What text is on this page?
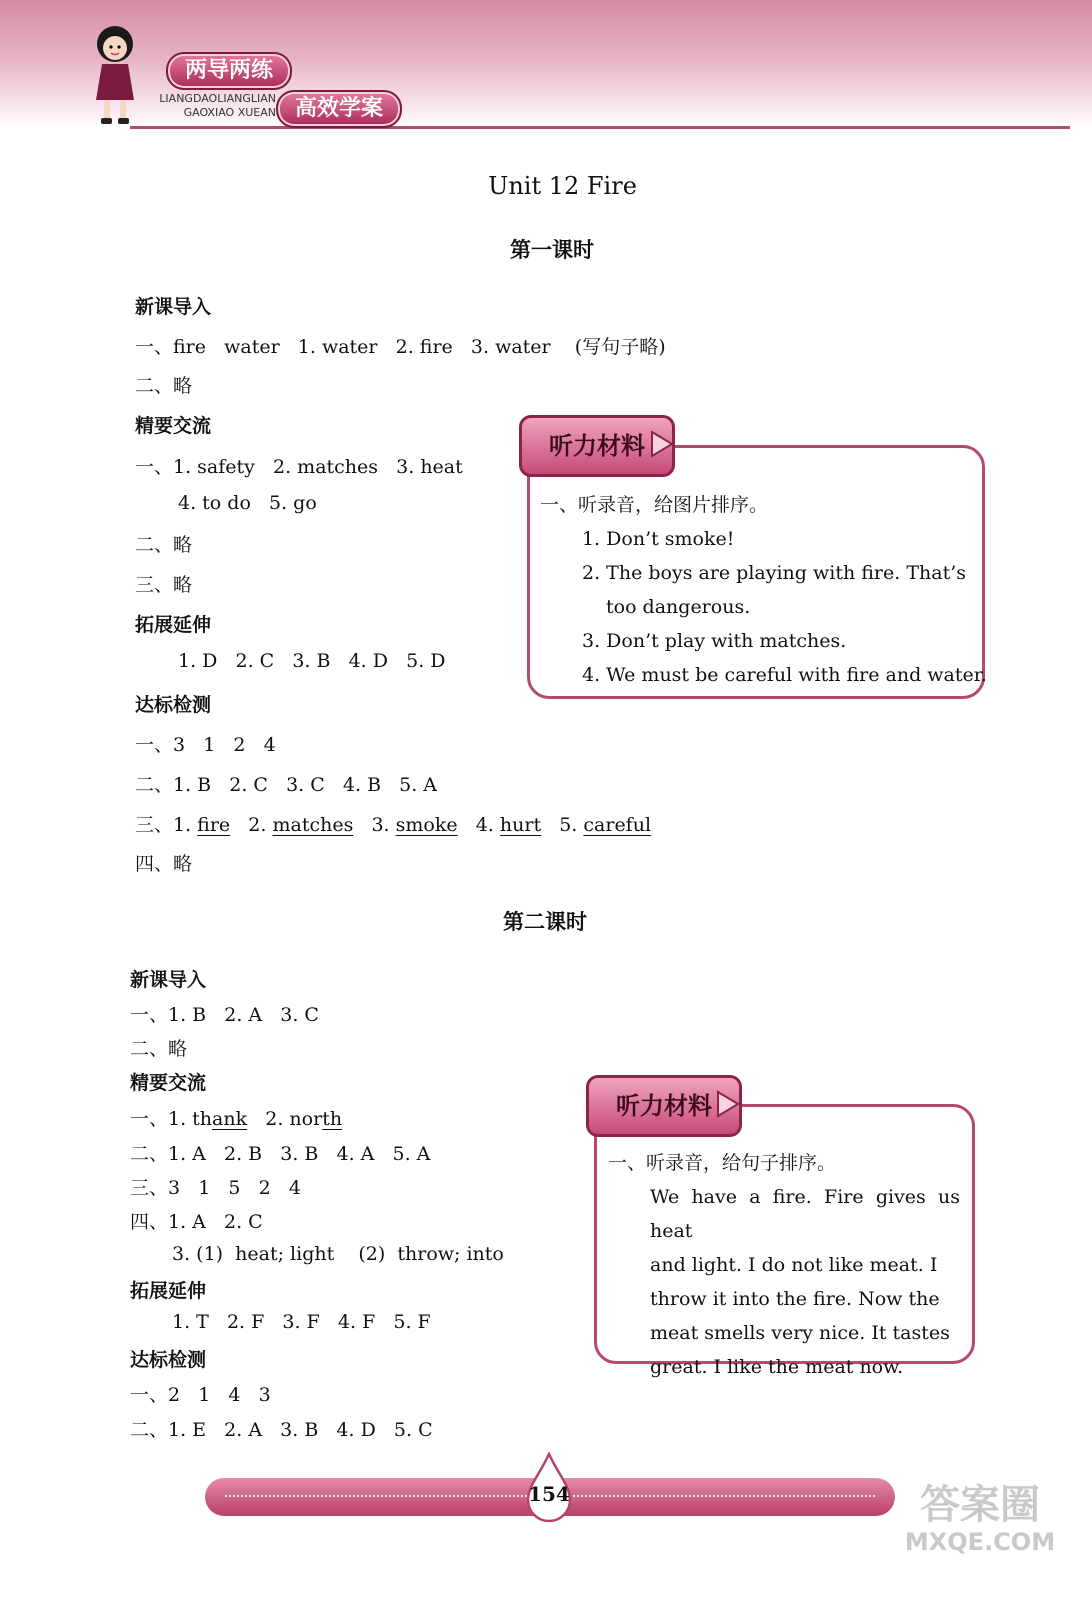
两导两练
LIANGDAOLIANGLIAN
GAOXIAO XUEAN 高效学案
Unit 12 Fire
第一课时
新课导入
一、fire   water   1. water   2. fire   3. water    (写句子略)
二、略
精要交流
一、1. safety   2. matches   3. heat
4. to do   5. go
二、略
三、略
拓展延伸
1. D   2. C   3. B   4. D   5. D
达标检测
一、3   1   2   4
二、1. B   2. C   3. C   4. B   5. A
三、1. fire 2. matches 3. smoke 4. hurt 5. careful
四、略
听力材料
一、听录音，给图片排序。
1. Don’t smoke!
2. The boys are playing with fire. That’s
too dangerous.
3. Don’t play with matches.
4. We must be careful with fire and water.
第二课时
新课导入
一、1. B   2. A   3. C
二、略
精要交流
一、1. thank 2. north
二、1. A   2. B   3. B   4. A   5. A
三、3   1   5   2   4
四、1. A   2. C
3. (1)  heat; light    (2)  throw; into
拓展延伸
1. T   2. F   3. F   4. F   5. F
达标检测
一、2   1   4   3
二、1. E   2. A   3. B   4. D   5. C
听力材料
一、听录音，给句子排序。
We have a fire. Fire gives us heat
and light. I do not like meat. I
throw it into the fire. Now the
meat smells very nice. It tastes
great. I like the meat now.
154	答案圈
MXQE.COM
